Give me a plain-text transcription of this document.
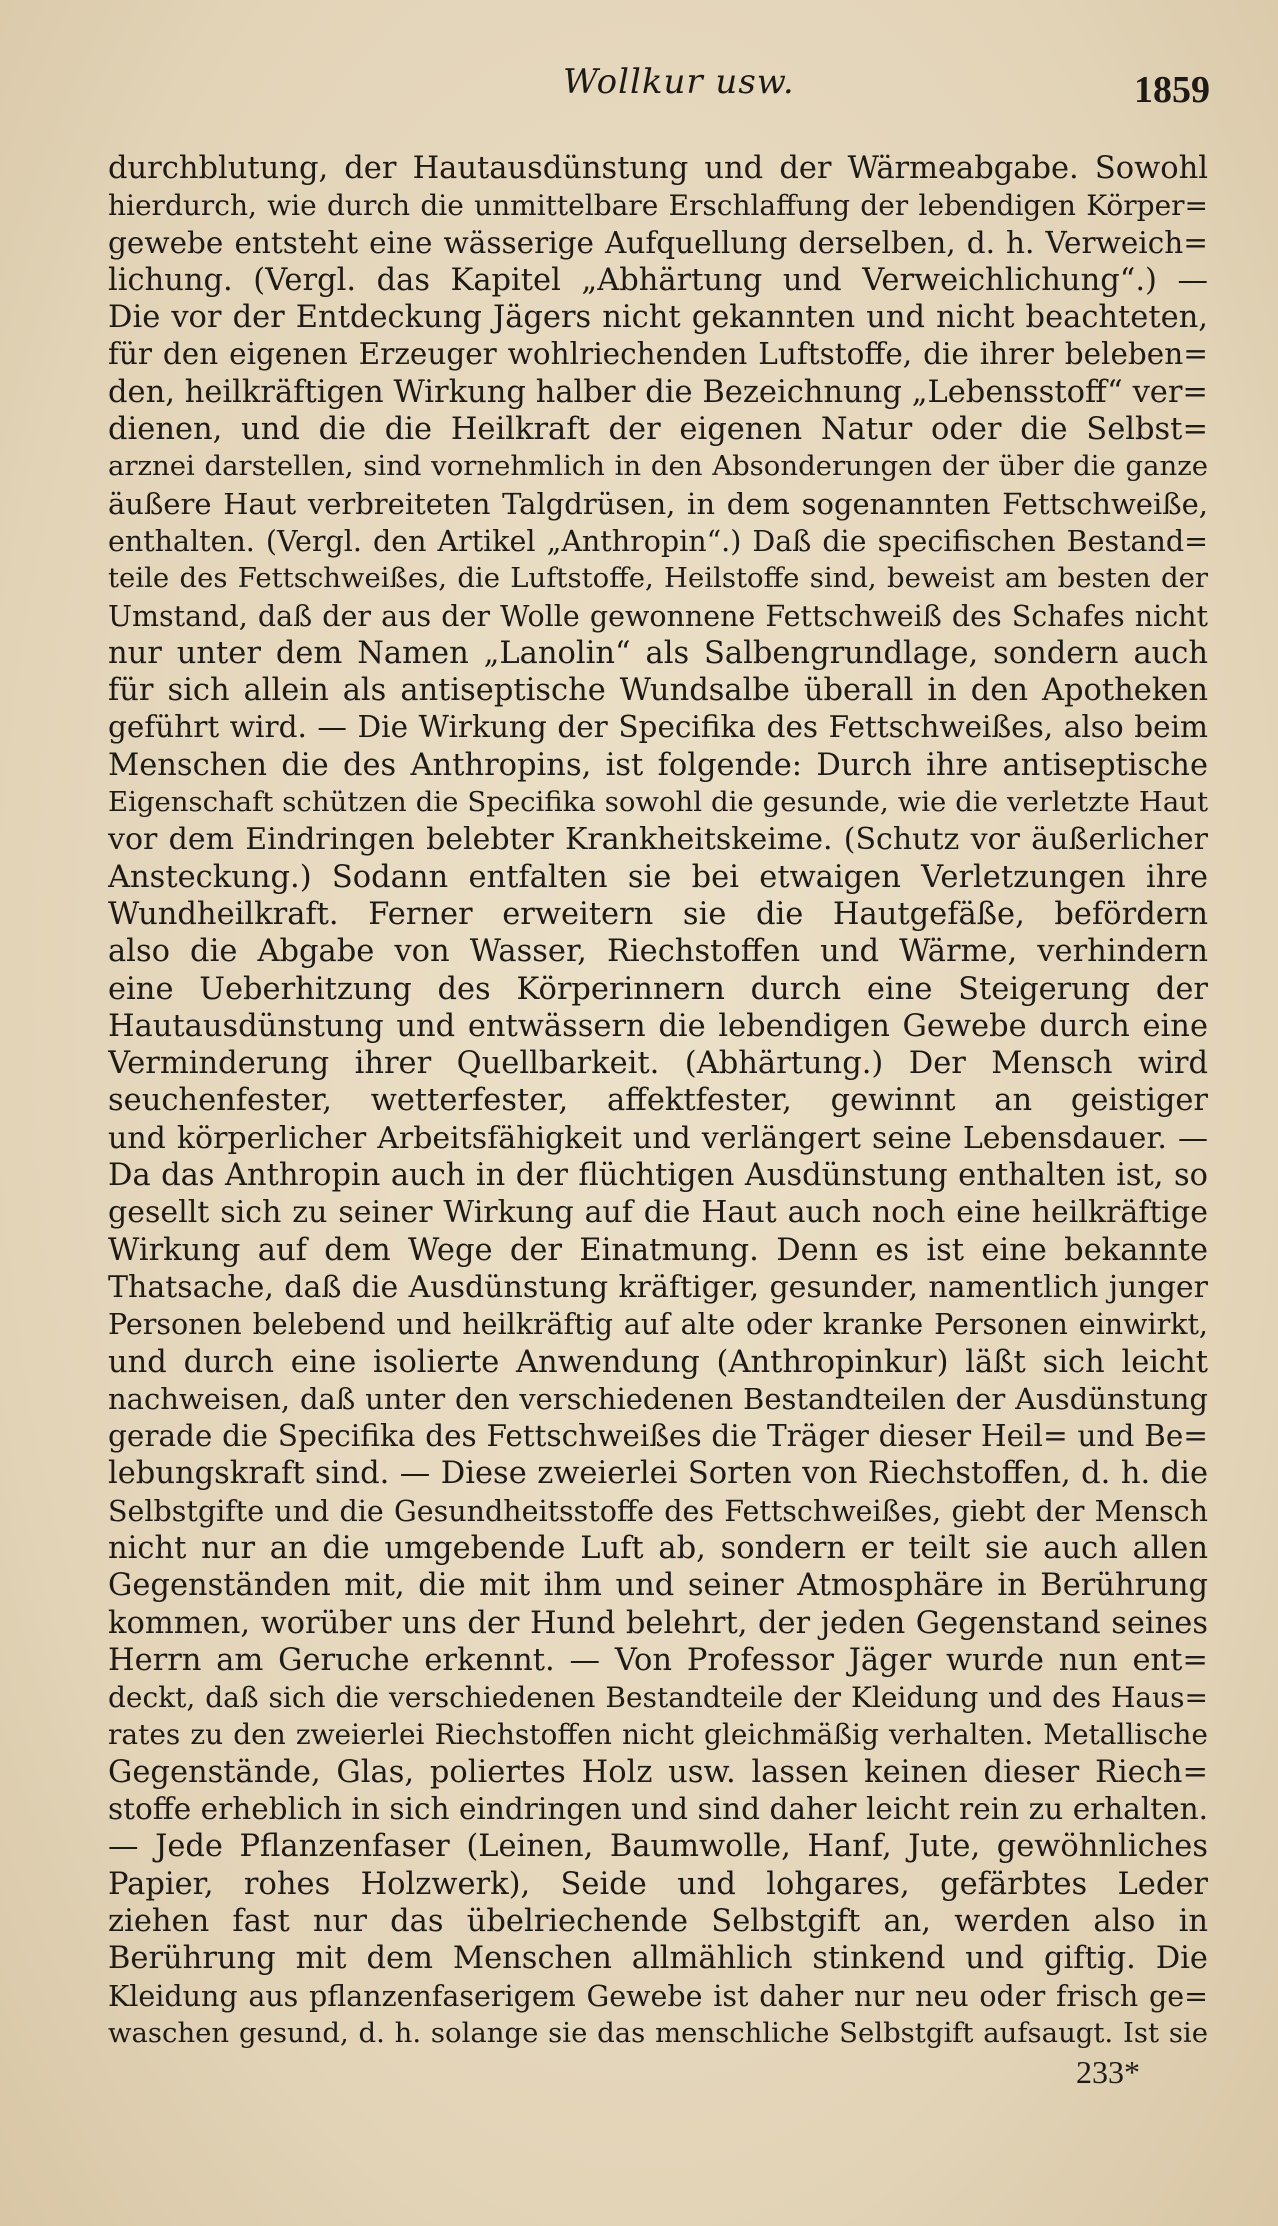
Wollkur usw.	1859
durchblutung, der Hautausdünstung und der Wärmeabgabe. Sowohl
hierdurch, wie durch die unmittelbare Erschlaffung der lebendigen Körper=
gewebe entsteht eine wässerige Aufquellung derselben, d. h. Verweich=
lichung. (Vergl. das Kapitel „Abhärtung und Verweichlichung“.) —
Die vor der Entdeckung Jägers nicht gekannten und nicht beachteten,
für den eigenen Erzeuger wohlriechenden Luftstoffe, die ihrer beleben=
den, heilkräftigen Wirkung halber die Bezeichnung „Lebensstoff“ ver=
dienen, und die die Heilkraft der eigenen Natur oder die Selbst=
arznei darstellen, sind vornehmlich in den Absonderungen der über die ganze
äußere Haut verbreiteten Talgdrüsen, in dem sogenannten Fettschweiße,
enthalten. (Vergl. den Artikel „Anthropin“.) Daß die specifischen Bestand=
teile des Fettschweißes, die Luftstoffe, Heilstoffe sind, beweist am besten der
Umstand, daß der aus der Wolle gewonnene Fettschweiß des Schafes nicht
nur unter dem Namen „Lanolin“ als Salbengrundlage, sondern auch
für sich allein als antiseptische Wundsalbe überall in den Apotheken
geführt wird. — Die Wirkung der Specifika des Fettschweißes, also beim
Menschen die des Anthropins, ist folgende: Durch ihre antiseptische
Eigenschaft schützen die Specifika sowohl die gesunde, wie die verletzte Haut
vor dem Eindringen belebter Krankheitskeime. (Schutz vor äußerlicher
Ansteckung.) Sodann entfalten sie bei etwaigen Verletzungen ihre
Wundheilkraft. Ferner erweitern sie die Hautgefäße, befördern
also die Abgabe von Wasser, Riechstoffen und Wärme, verhindern
eine Ueberhitzung des Körperinnern durch eine Steigerung der
Hautausdünstung und entwässern die lebendigen Gewebe durch eine
Verminderung ihrer Quellbarkeit. (Abhärtung.) Der Mensch wird
seuchenfester, wetterfester, affektfester, gewinnt an geistiger
und körperlicher Arbeitsfähigkeit und verlängert seine Lebensdauer. —
Da das Anthropin auch in der flüchtigen Ausdünstung enthalten ist, so
gesellt sich zu seiner Wirkung auf die Haut auch noch eine heilkräftige
Wirkung auf dem Wege der Einatmung. Denn es ist eine bekannte
Thatsache, daß die Ausdünstung kräftiger, gesunder, namentlich junger
Personen belebend und heilkräftig auf alte oder kranke Personen einwirkt,
und durch eine isolierte Anwendung (Anthropinkur) läßt sich leicht
nachweisen, daß unter den verschiedenen Bestandteilen der Ausdünstung
gerade die Specifika des Fettschweißes die Träger dieser Heil= und Be=
lebungskraft sind. — Diese zweierlei Sorten von Riechstoffen, d. h. die
Selbstgifte und die Gesundheitsstoffe des Fettschweißes, giebt der Mensch
nicht nur an die umgebende Luft ab, sondern er teilt sie auch allen
Gegenständen mit, die mit ihm und seiner Atmosphäre in Berührung
kommen, worüber uns der Hund belehrt, der jeden Gegenstand seines
Herrn am Geruche erkennt. — Von Professor Jäger wurde nun ent=
deckt, daß sich die verschiedenen Bestandteile der Kleidung und des Haus=
rates zu den zweierlei Riechstoffen nicht gleichmäßig verhalten. Metallische
Gegenstände, Glas, poliertes Holz usw. lassen keinen dieser Riech=
stoffe erheblich in sich eindringen und sind daher leicht rein zu erhalten.
— Jede Pflanzenfaser (Leinen, Baumwolle, Hanf, Jute, gewöhnliches
Papier, rohes Holzwerk), Seide und lohgares, gefärbtes Leder
ziehen fast nur das übelriechende Selbstgift an, werden also in
Berührung mit dem Menschen allmählich stinkend und giftig. Die
Kleidung aus pflanzenfaserigem Gewebe ist daher nur neu oder frisch ge=
waschen gesund, d. h. solange sie das menschliche Selbstgift aufsaugt. Ist sie
233*
